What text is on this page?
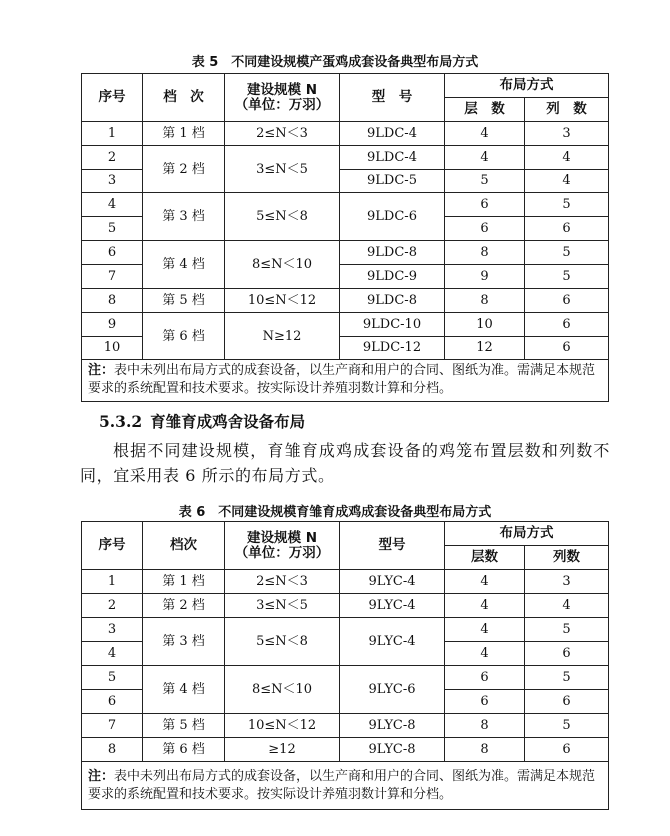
表 5　不同建设规模产蛋鸡成套设备典型布局方式
序号	档　次	建设规模 N
（单位：万羽）	型　号	布局方式	
				层　数	列　数
1	第 1 档	2≤N＜3	9LDC-4	4	3
2	第 2 档	3≤N＜5	9LDC-4	4	4
3			9LDC-5	5	4
4	第 3 档	5≤N＜8	9LDC-6	6	5
5				6	6
6	第 4 档	8≤N＜10	9LDC-8	8	5
7			9LDC-9	9	5
8	第 5 档	10≤N＜12	9LDC-8	8	6
9	第 6 档	N≥12	9LDC-10	10	6
10			9LDC-12	12	6
注：表中未列出布局方式的成套设备，以生产商和用户的合同、图纸为准。需满足本规范要求的系统配置和技术要求。按实际设计养殖羽数计算和分档。					
5.3.2 育雏育成鸡舍设备布局
根据不同建设规模，育雏育成鸡成套设备的鸡笼布置层数和列数不同，宜采用表 6 所示的布局方式。
表 6　不同建设规模育雏育成鸡成套设备典型布局方式
序号	档次	建设规模 N
（单位：万羽）	型号	布局方式	
				层数	列数
1	第 1 档	2≤N＜3	9LYC-4	4	3
2	第 2 档	3≤N＜5	9LYC-4	4	4
3	第 3 档	5≤N＜8	9LYC-4	4	5
4				4	6
5	第 4 档	8≤N＜10	9LYC-6	6	5
6				6	6
7	第 5 档	10≤N＜12	9LYC-8	8	5
8	第 6 档	≥12	9LYC-8	8	6
注：表中未列出布局方式的成套设备，以生产商和用户的合同、图纸为准。需满足本规范要求的系统配置和技术要求。按实际设计养殖羽数计算和分档。					
